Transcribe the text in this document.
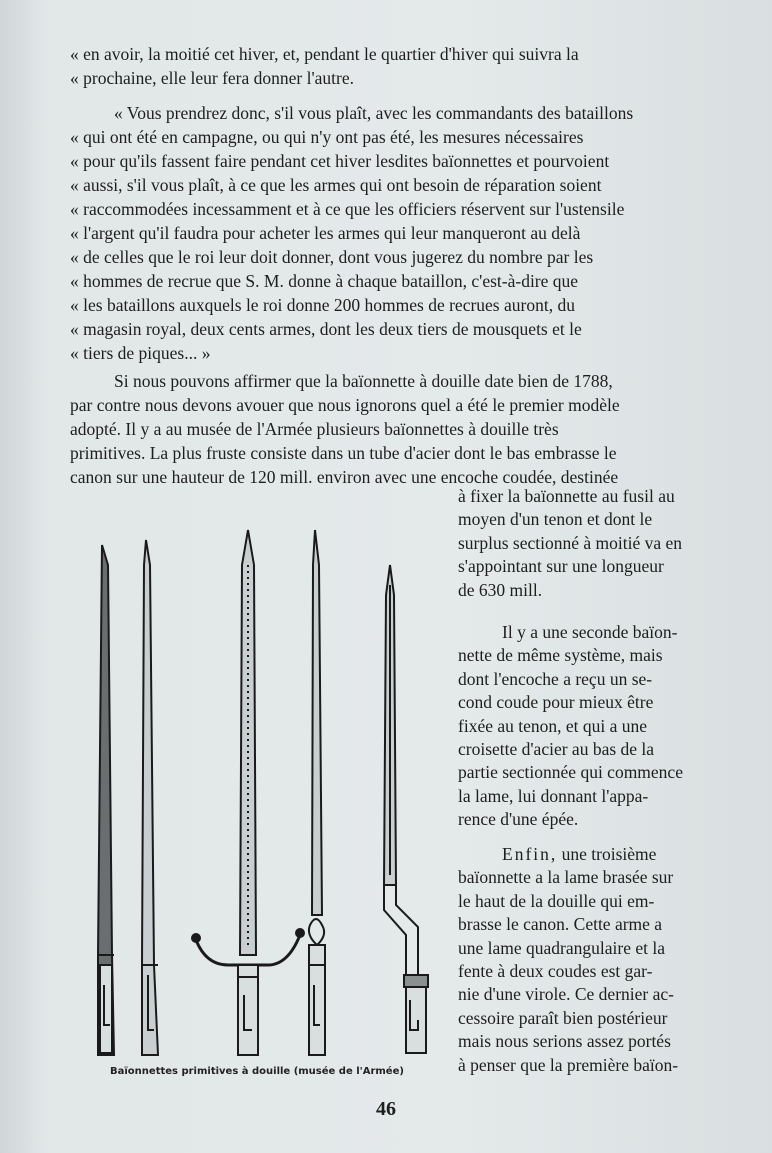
« en avoir, la moitié cet hiver, et, pendant le quartier d'hiver qui suivra la

« prochaine, elle leur fera donner l'autre.

« Vous prendrez donc, s'il vous plaît, avec les commandants des bataillons

« qui ont été en campagne, ou qui n'y ont pas été, les mesures nécessaires

« pour qu'ils fassent faire pendant cet hiver lesdites baïonnettes et pourvoient

« aussi, s'il vous plaît, à ce que les armes qui ont besoin de réparation soient

« raccommodées incessamment et à ce que les officiers réservent sur l'ustensile

« l'argent qu'il faudra pour acheter les armes qui leur manqueront au delà

« de celles que le roi leur doit donner, dont vous jugerez du nombre par les

« hommes de recrue que S. M. donne à chaque bataillon, c'est-à-dire que

« les bataillons auxquels le roi donne 200 hommes de recrues auront, du

« magasin royal, deux cents armes, dont les deux tiers de mousquets et le

« tiers de piques... »

Si nous pouvons affirmer que la baïonnette à douille date bien de 1788,

par contre nous devons avouer que nous ignorons quel a été le premier modèle

adopté. Il y a au musée de l'Armée plusieurs baïonnettes à douille très

primitives. La plus fruste consiste dans un tube d'acier dont le bas embrasse le

canon sur une hauteur de 120 mill. environ avec une encoche coudée, destinée

à fixer la baïonnette au fusil au

moyen d'un tenon et dont le

surplus sectionné à moitié va en

s'appointant sur une longueur

de 630 mill.

Il y a une seconde baïon-

nette de même système, mais

dont l'encoche a reçu un se-

cond coude pour mieux être

fixée au tenon, et qui a une

croisette d'acier au bas de la

partie sectionnée qui commence

la lame, lui donnant l'appa-

rence d'une épée.

Enfin, une troisième

baïonnette a la lame brasée sur

le haut de la douille qui em-

brasse le canon. Cette arme a

une lame quadrangulaire et la

fente à deux coudes est gar-

nie d'une virole. Ce dernier ac-

cessoire paraît bien postérieur

mais nous serions assez portés

à penser que la première baïon-

Baïonnettes primitives à douille (musée de l'Armée)
46
